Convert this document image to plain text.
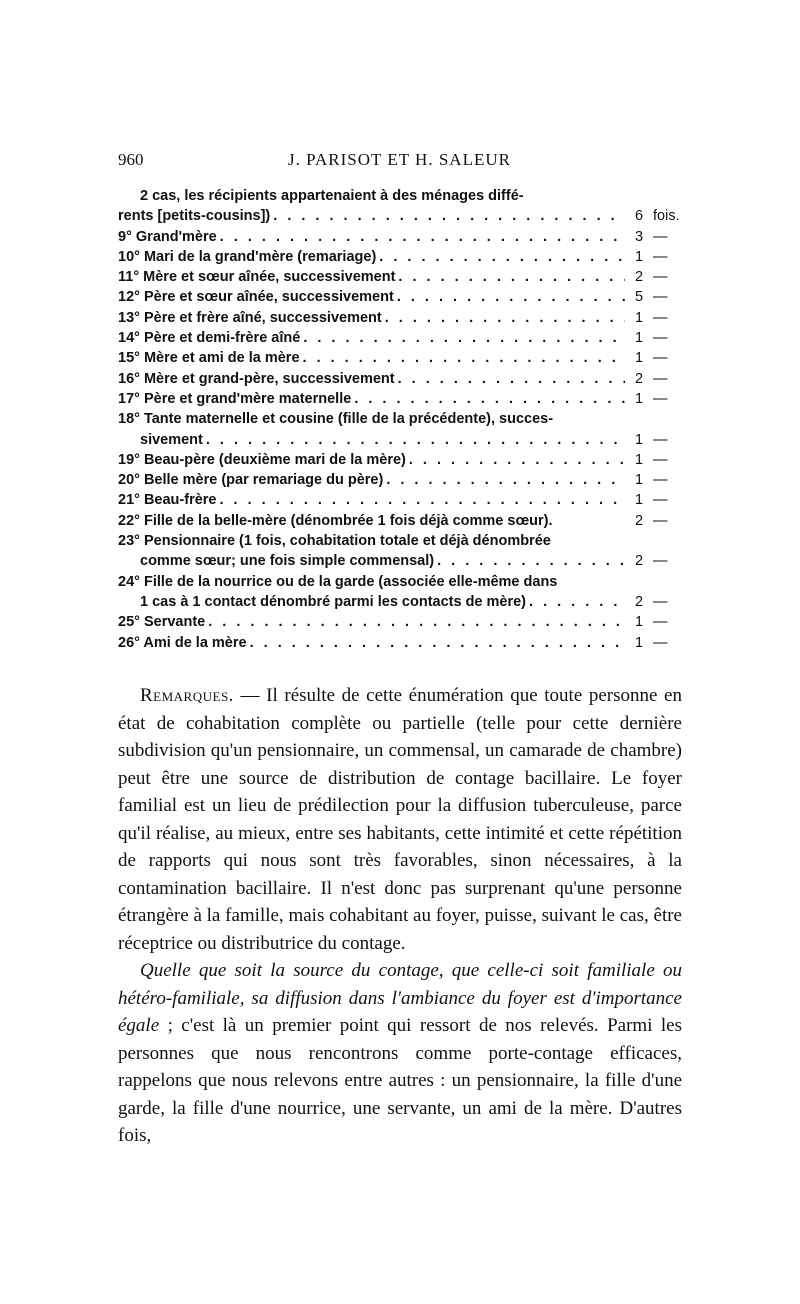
960	J. PARISOT ET H. SALEUR
2 cas, les récipients appartenaient à des ménages diffé-
rents [petits-cousins]) . . .	6 fois.
9° Grand'mère . . .	3 —
10° Mari de la grand'mère (remariage) . . .	1 —
11° Mère et sœur aînée, successivement . . .	2 —
12° Père et sœur aînée, successivement . . .	5 —
13° Père et frère aîné, successivement . . .	1 —
14° Père et demi-frère aîné . . .	1 —
15° Mère et ami de la mère . . .	1 —
16° Mère et grand-père, successivement . . .	2 —
17° Père et grand'mère maternelle . . .	1 —
18° Tante maternelle et cousine (fille de la précédente), succes-
sivement . . .	1 —
19° Beau-père (deuxième mari de la mère) . . .	1 —
20° Belle mère (par remariage du père) . . .	1 —
21° Beau-frère . . .	1 —
22° Fille de la belle-mère (dénombrée 1 fois déjà comme sœur).	2 —
23° Pensionnaire (1 fois, cohabitation totale et déjà dénombrée
comme sœur; une fois simple commensal) . . .	2 —
24° Fille de la nourrice ou de la garde (associée elle-même dans
1 cas à 1 contact dénombré parmi les contacts de mère) . . .	2 —
25° Servante . . .	1 —
26° Ami de la mère . . .	1 —

Remarques. — Il résulte de cette énumération que toute personne en état de cohabitation complète ou partielle (telle pour cette dernière subdivision qu'un pensionnaire, un commensal, un camarade de chambre) peut être une source de distribution de contage bacillaire. Le foyer familial est un lieu de prédilection pour la diffusion tuberculeuse, parce qu'il réalise, au mieux, entre ses habitants, cette intimité et cette répétition de rapports qui nous sont très favorables, sinon nécessaires, à la contamination bacillaire. Il n'est donc pas surprenant qu'une personne étrangère à la famille, mais cohabitant au foyer, puisse, suivant le cas, être réceptrice ou distributrice du contage.

Quelle que soit la source du contage, que celle-ci soit familiale ou hétéro-familiale, sa diffusion dans l'ambiance du foyer est d'importance égale ; c'est là un premier point qui ressort de nos relevés. Parmi les personnes que nous rencontrons comme porte-contage efficaces, rappelons que nous relevons entre autres : un pensionnaire, la fille d'une garde, la fille d'une nourrice, une servante, un ami de la mère. D'autres fois,
